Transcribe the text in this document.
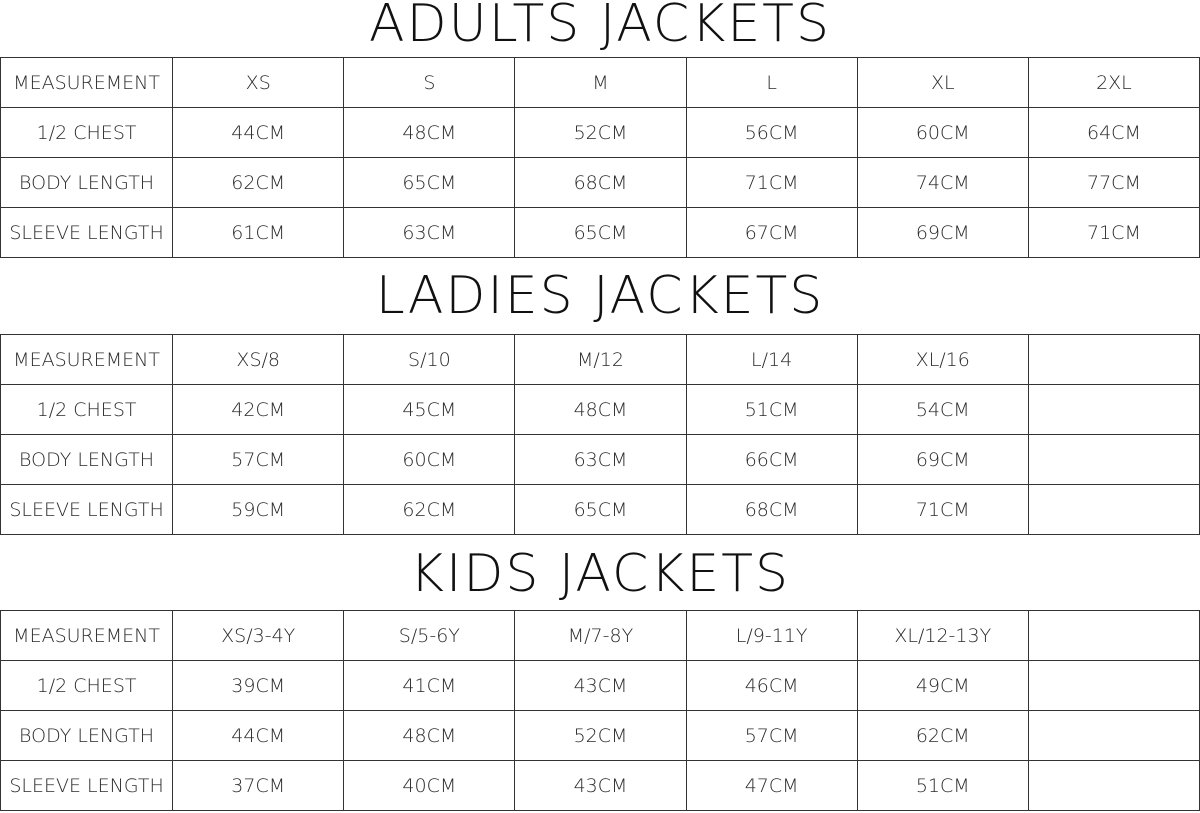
ADULTS JACKETS
MEASUREMENT	XS	S	M	L	XL	2XL
1/2 CHEST	44CM	48CM	52CM	56CM	60CM	64CM
BODY LENGTH	62CM	65CM	68CM	71CM	74CM	77CM
SLEEVE LENGTH	61CM	63CM	65CM	67CM	69CM	71CM
LADIES JACKETS
MEASUREMENT	XS/8	S/10	M/12	L/14	XL/16	
1/2 CHEST	42CM	45CM	48CM	51CM	54CM	
BODY LENGTH	57CM	60CM	63CM	66CM	69CM	
SLEEVE LENGTH	59CM	62CM	65CM	68CM	71CM	
KIDS JACKETS
MEASUREMENT	XS/3-4Y	S/5-6Y	M/7-8Y	L/9-11Y	XL/12-13Y	
1/2 CHEST	39CM	41CM	43CM	46CM	49CM	
BODY LENGTH	44CM	48CM	52CM	57CM	62CM	
SLEEVE LENGTH	37CM	40CM	43CM	47CM	51CM	
